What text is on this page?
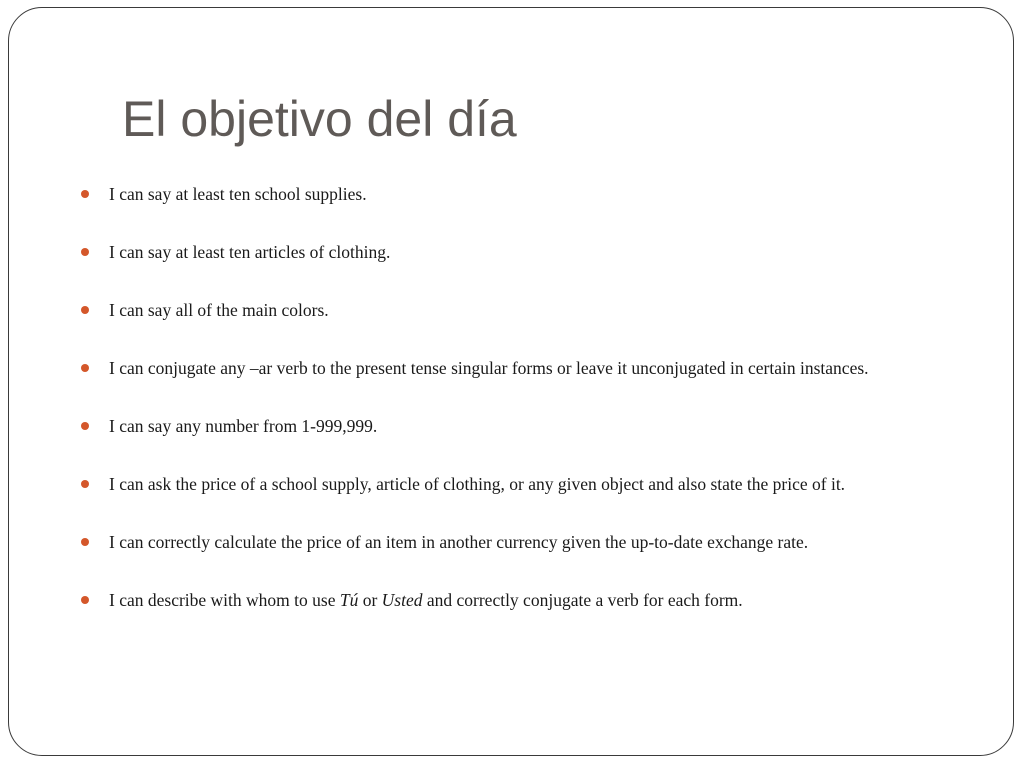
El objetivo del día
I can say at least ten school supplies.
I can say at least ten articles of clothing.
I can say all of the main colors.
I can conjugate any –ar verb to the present tense singular forms or leave it unconjugated in certain instances.
I can say any number from 1-999,999.
I can ask the price of a school supply, article of clothing, or any given object and also state the price of it.
I can correctly calculate the price of an item in another currency given the up-to-date exchange rate.
I can describe with whom to use Tú or Usted and correctly conjugate a verb for each form.
